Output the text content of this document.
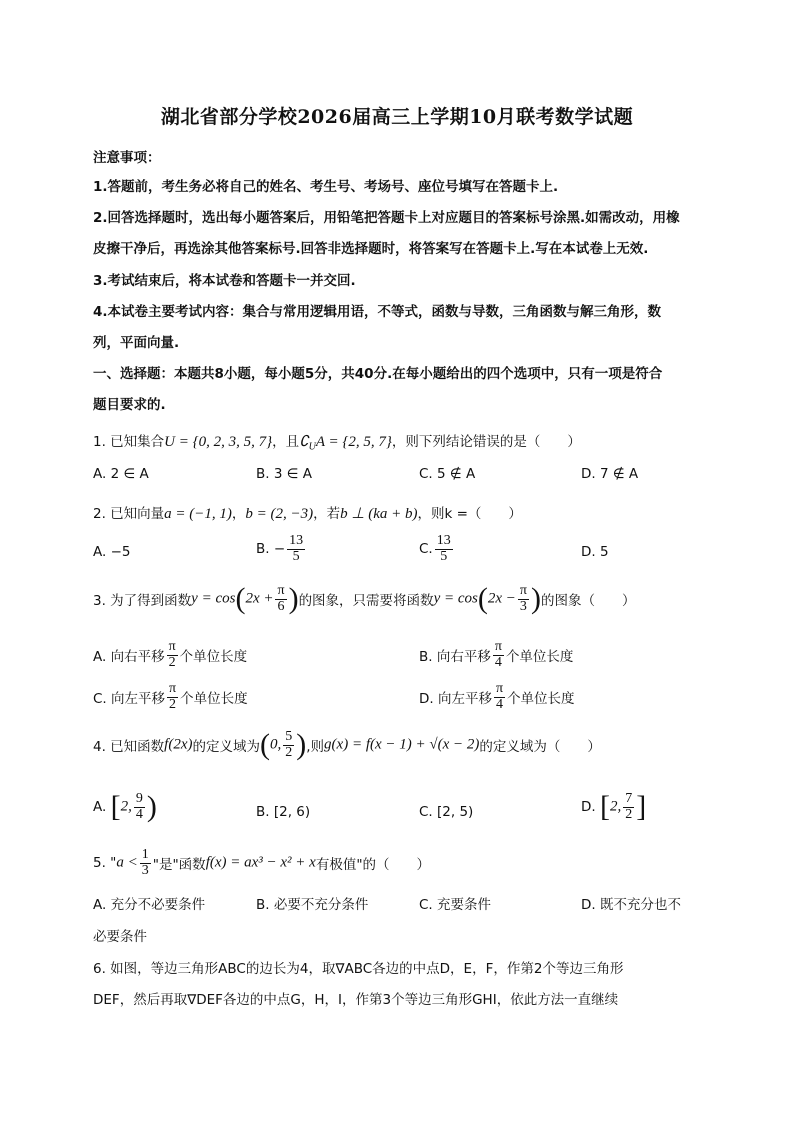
湖北省部分学校2026届高三上学期10月联考数学试题
注意事项：
1.答题前，考生务必将自己的姓名、考生号、考场号、座位号填写在答题卡上.
2.回答选择题时，选出每小题答案后，用铅笔把答题卡上对应题目的答案标号涂黑.如需改动，用橡
皮擦干净后，再选涂其他答案标号.回答非选择题时，将答案写在答题卡上.写在本试卷上无效.
3.考试结束后，将本试卷和答题卡一并交回.
4.本试卷主要考试内容：集合与常用逻辑用语，不等式，函数与导数，三角函数与解三角形，数
列，平面向量.
一、选择题：本题共8小题，每小题5分，共40分.在每小题给出的四个选项中，只有一项是符合
题目要求的.
1. 已知集合U = {0, 2, 3, 5, 7}，且$∁_UA = \{2$, 5, 7}，则下列结论错误的是（　　）
A. 2 ∈ A	B. 3 ∈ A	C. 5 ∉ A	D. 7 ∉ A
2. 已知向量a = (−1, 1)，b = (2, −3)，若b ⊥ (ka + b)，则k =（　　）
A. −5	B. − $\frac{13}{5}$	C. $\frac{13}{5}$	D. 5
3. 为了得到函数$y = \cos(2x + \frac{\pi}{6}$ )的图象，只需要将函数$y = \cos(2x - \frac{\pi}{3}$ )的图象（　　）
A. 向右平移 $\frac{\pi}{2}$ 个单位长度	B. 向右平移 $\frac{\pi}{4}$ 个单位长度
C. 向左平移 $\frac{\pi}{2}$ 个单位长度	D. 向左平移 $\frac{\pi}{4}$ 个单位长度
4. 已知函数f(2x)的定义域为(0, $\frac{5}{2}$ ),则g(x) = f(x − 1) + √(x − 2)的定义域为（　　）
A. [2, $\frac{9}{4}$ )	B. [2, 6)	C. [2, 5)	D. [2, $\frac{7}{2}$ ]
5. "$a < \frac{1}{3}$ "是"函数f(x) = ax³ − x² + x有极值"的（　　）
A. 充分不必要条件	B. 必要不充分条件	C. 充要条件	D. 既不充分也不
必要条件
6. 如图，等边三角形ABC的边长为4，取∇ABC各边的中点D，E，F，作第2个等边三角形
DEF，然后再取∇DEF各边的中点G，H，I，作第3个等边三角形GHI，依此方法一直继续
